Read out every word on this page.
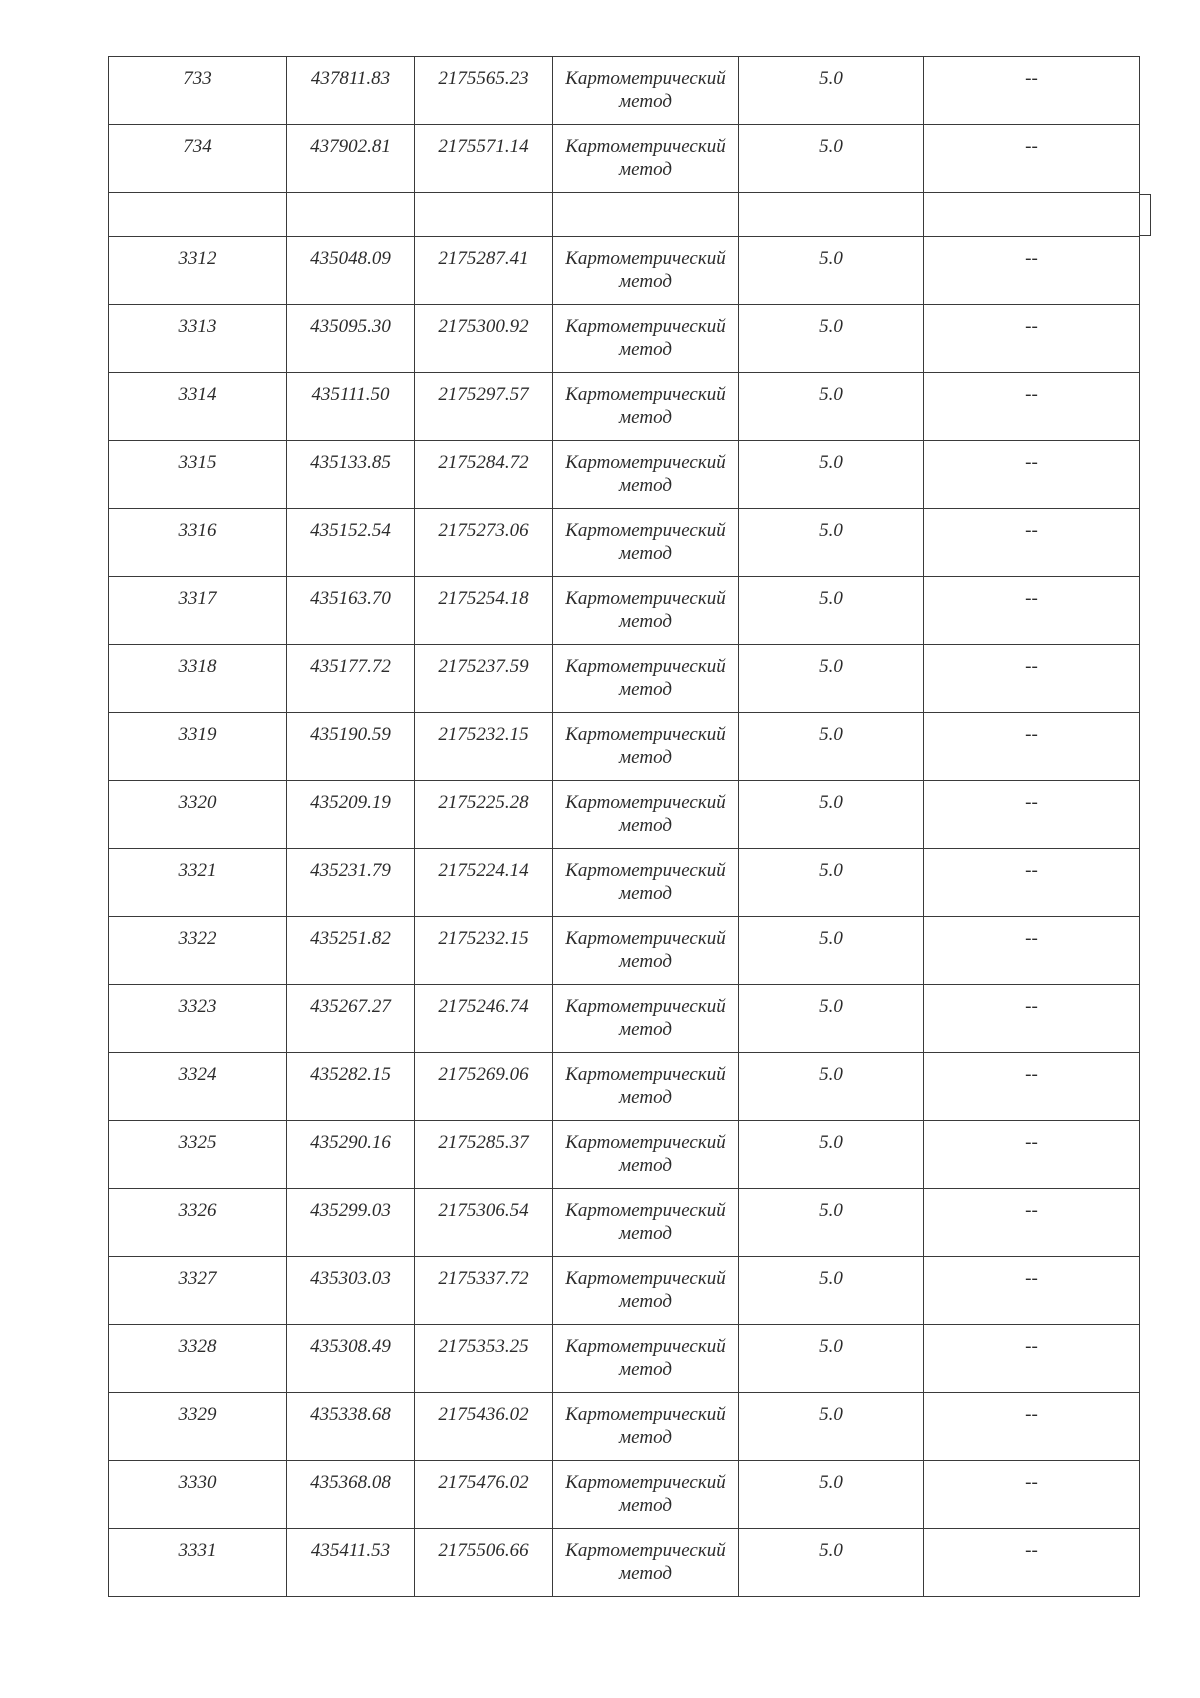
733	437811.83	2175565.23	Картометрический
метод	5.0	--

734	437902.81	2175571.14	Картометрический
метод	5.0	--

3312	435048.09	2175287.41	Картометрический
метод	5.0	--

3313	435095.30	2175300.92	Картометрический
метод	5.0	--

3314	435111.50	2175297.57	Картометрический
метод	5.0	--

3315	435133.85	2175284.72	Картометрический
метод	5.0	--

3316	435152.54	2175273.06	Картометрический
метод	5.0	--

3317	435163.70	2175254.18	Картометрический
метод	5.0	--

3318	435177.72	2175237.59	Картометрический
метод	5.0	--

3319	435190.59	2175232.15	Картометрический
метод	5.0	--

3320	435209.19	2175225.28	Картометрический
метод	5.0	--

3321	435231.79	2175224.14	Картометрический
метод	5.0	--

3322	435251.82	2175232.15	Картометрический
метод	5.0	--

3323	435267.27	2175246.74	Картометрический
метод	5.0	--

3324	435282.15	2175269.06	Картометрический
метод	5.0	--

3325	435290.16	2175285.37	Картометрический
метод	5.0	--

3326	435299.03	2175306.54	Картометрический
метод	5.0	--

3327	435303.03	2175337.72	Картометрический
метод	5.0	--

3328	435308.49	2175353.25	Картометрический
метод	5.0	--

3329	435338.68	2175436.02	Картометрический
метод	5.0	--

3330	435368.08	2175476.02	Картометрический
метод	5.0	--

3331	435411.53	2175506.66	Картометрический
метод	5.0	--
